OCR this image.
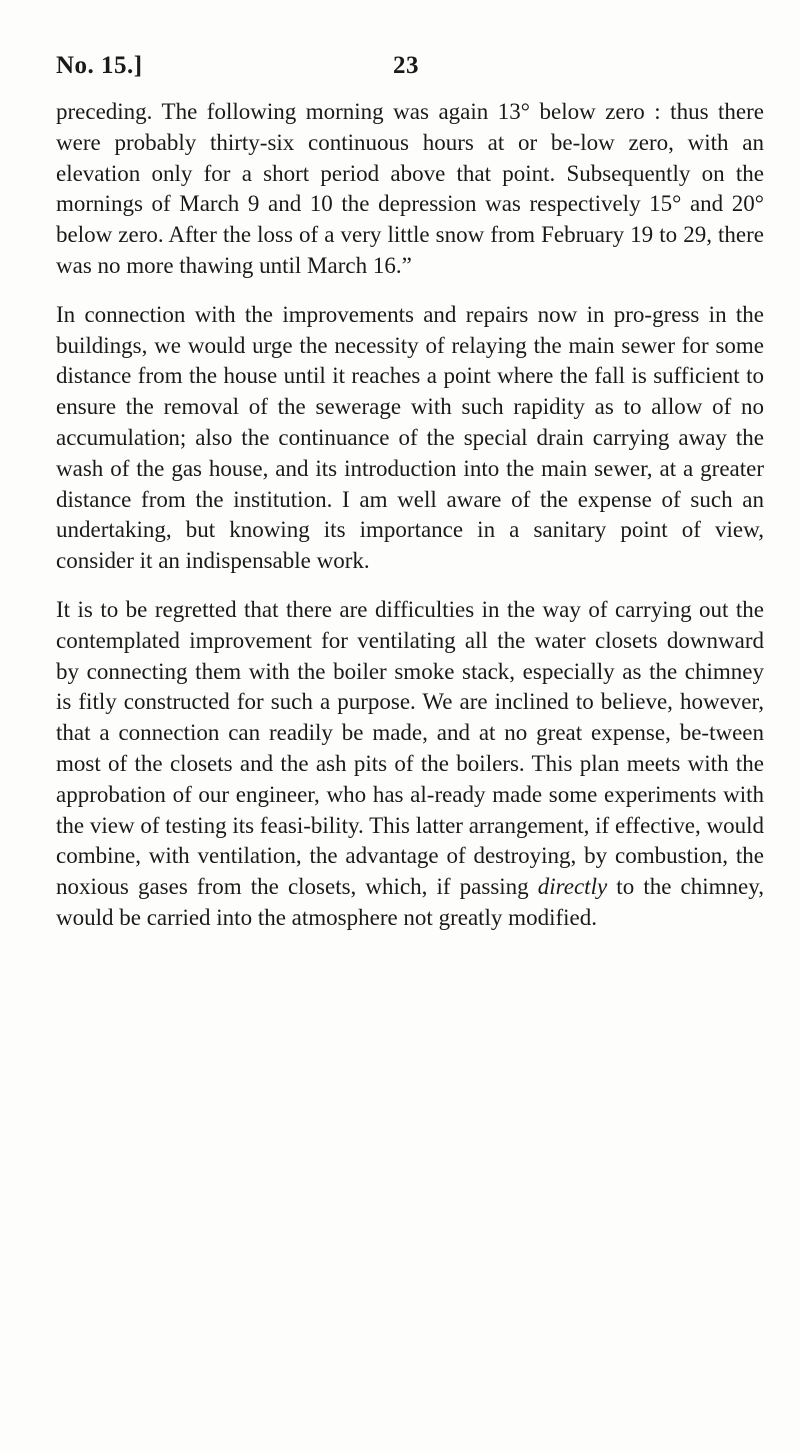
No. 15.]	23

preceding. The following morning was again 13° below zero : thus there were probably thirty-six continuous hours at or be-low zero, with an elevation only for a short period above that point. Subsequently on the mornings of March 9 and 10 the depression was respectively 15° and 20° below zero. After the loss of a very little snow from February 19 to 29, there was no more thawing until March 16.”

In connection with the improvements and repairs now in pro-gress in the buildings, we would urge the necessity of relaying the main sewer for some distance from the house until it reaches a point where the fall is sufficient to ensure the removal of the sewerage with such rapidity as to allow of no accumulation; also the continuance of the special drain carrying away the wash of the gas house, and its introduction into the main sewer, at a greater distance from the institution. I am well aware of the expense of such an undertaking, but knowing its importance in a sanitary point of view, consider it an indispensable work.

It is to be regretted that there are difficulties in the way of carrying out the contemplated improvement for ventilating all the water closets downward by connecting them with the boiler smoke stack, especially as the chimney is fitly constructed for such a purpose. We are inclined to believe, however, that a connection can readily be made, and at no great expense, be-tween most of the closets and the ash pits of the boilers. This plan meets with the approbation of our engineer, who has al-ready made some experiments with the view of testing its feasi-bility. This latter arrangement, if effective, would combine, with ventilation, the advantage of destroying, by combustion, the noxious gases from the closets, which, if passing directly to the chimney, would be carried into the atmosphere not greatly modified.
